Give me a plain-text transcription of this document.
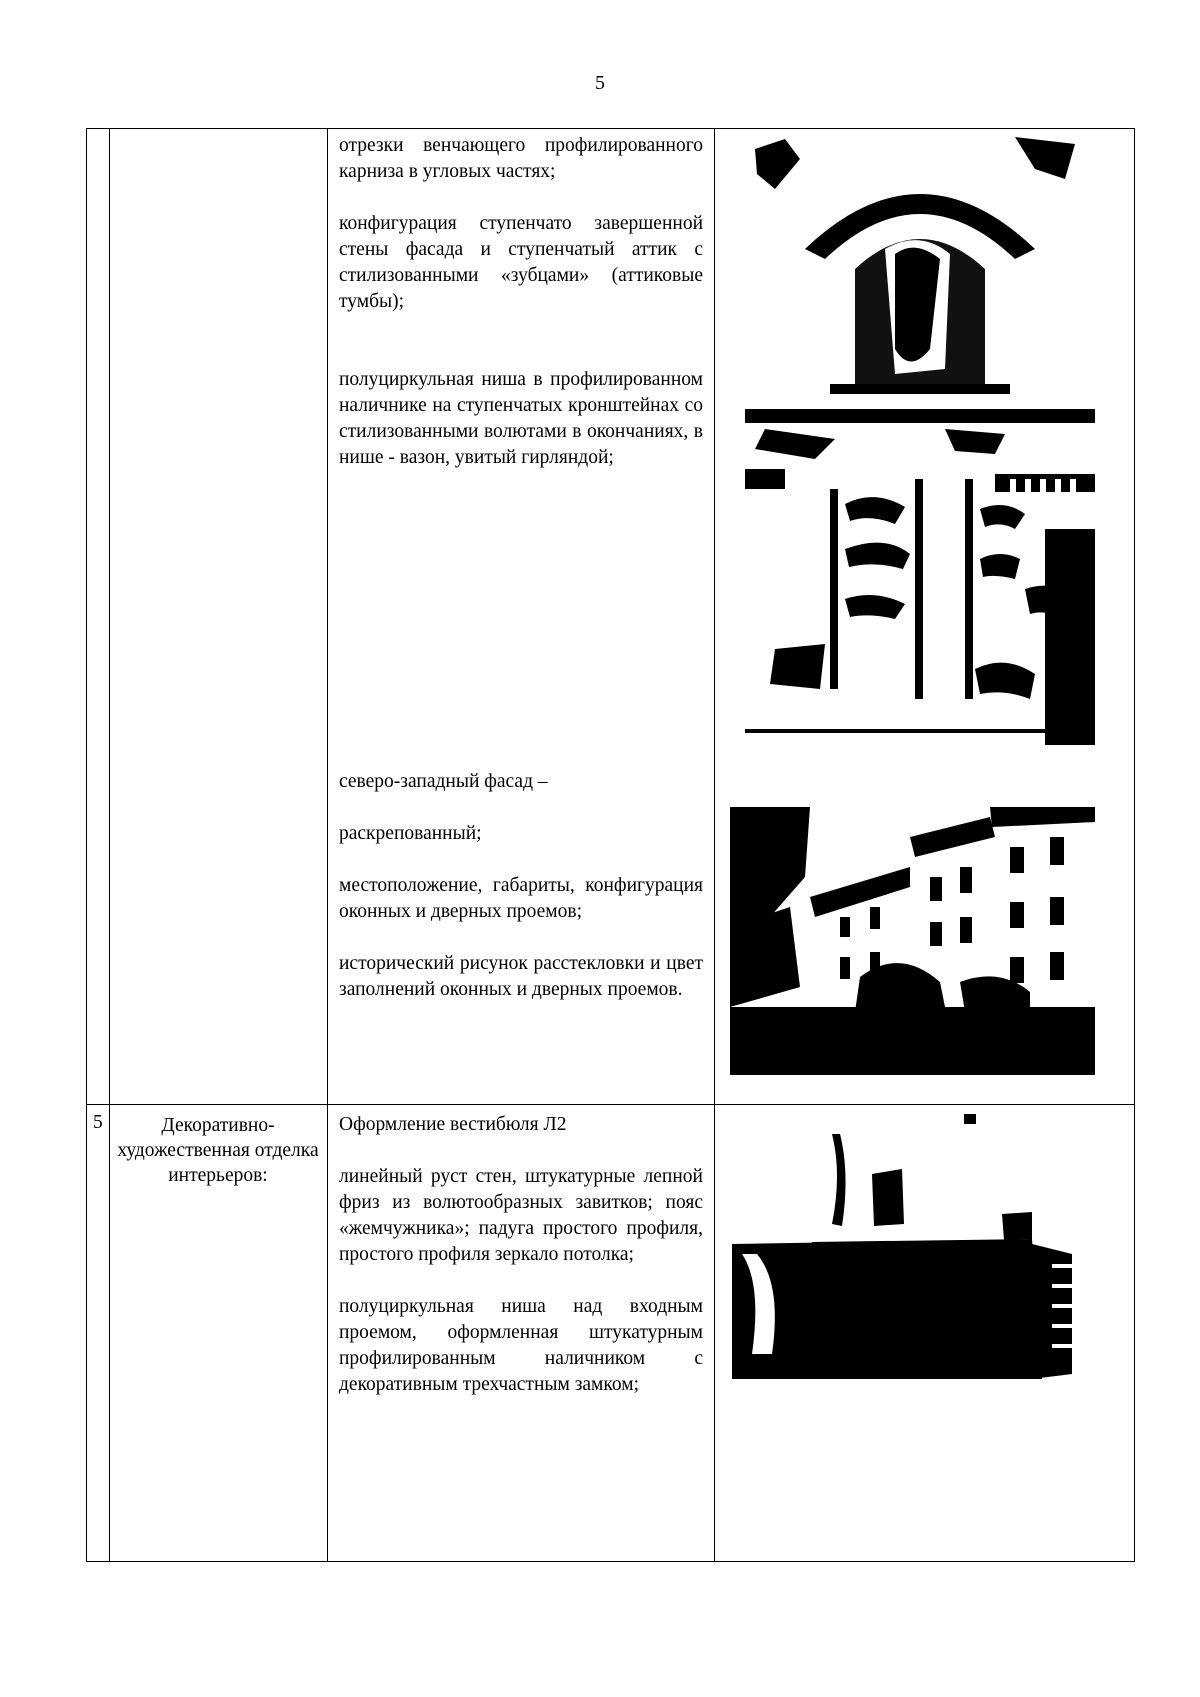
5

отрезки венчающего профилированного карниза в угловых частях;

конфигурация ступенчато завершенной стены фасада и ступенчатый аттик с стилизованными «зубцами» (аттиковые тумбы);

полуциркульная ниша в профилированном наличнике на ступенчатых кронштейнах со стилизованными волютами в окончаниях, в нише - вазон, увитый гирляндой;

северо-западный фасад –

раскрепованный;

местоположение, габариты, конфигурация оконных и дверных проемов;

исторический рисунок расстекловки и цвет заполнений оконных и дверных проемов.

5	Декоративно-художественная отделка интерьеров:

Оформление вестибюля Л2

линейный руст стен, штукатурные лепной фриз из волютообразных завитков; пояс «жемчужника»; падуга простого профиля, простого профиля зеркало потолка;

полуциркульная ниша над входным проемом, оформленная штукатурным профилированным наличником с декоративным трехчастным замком;
